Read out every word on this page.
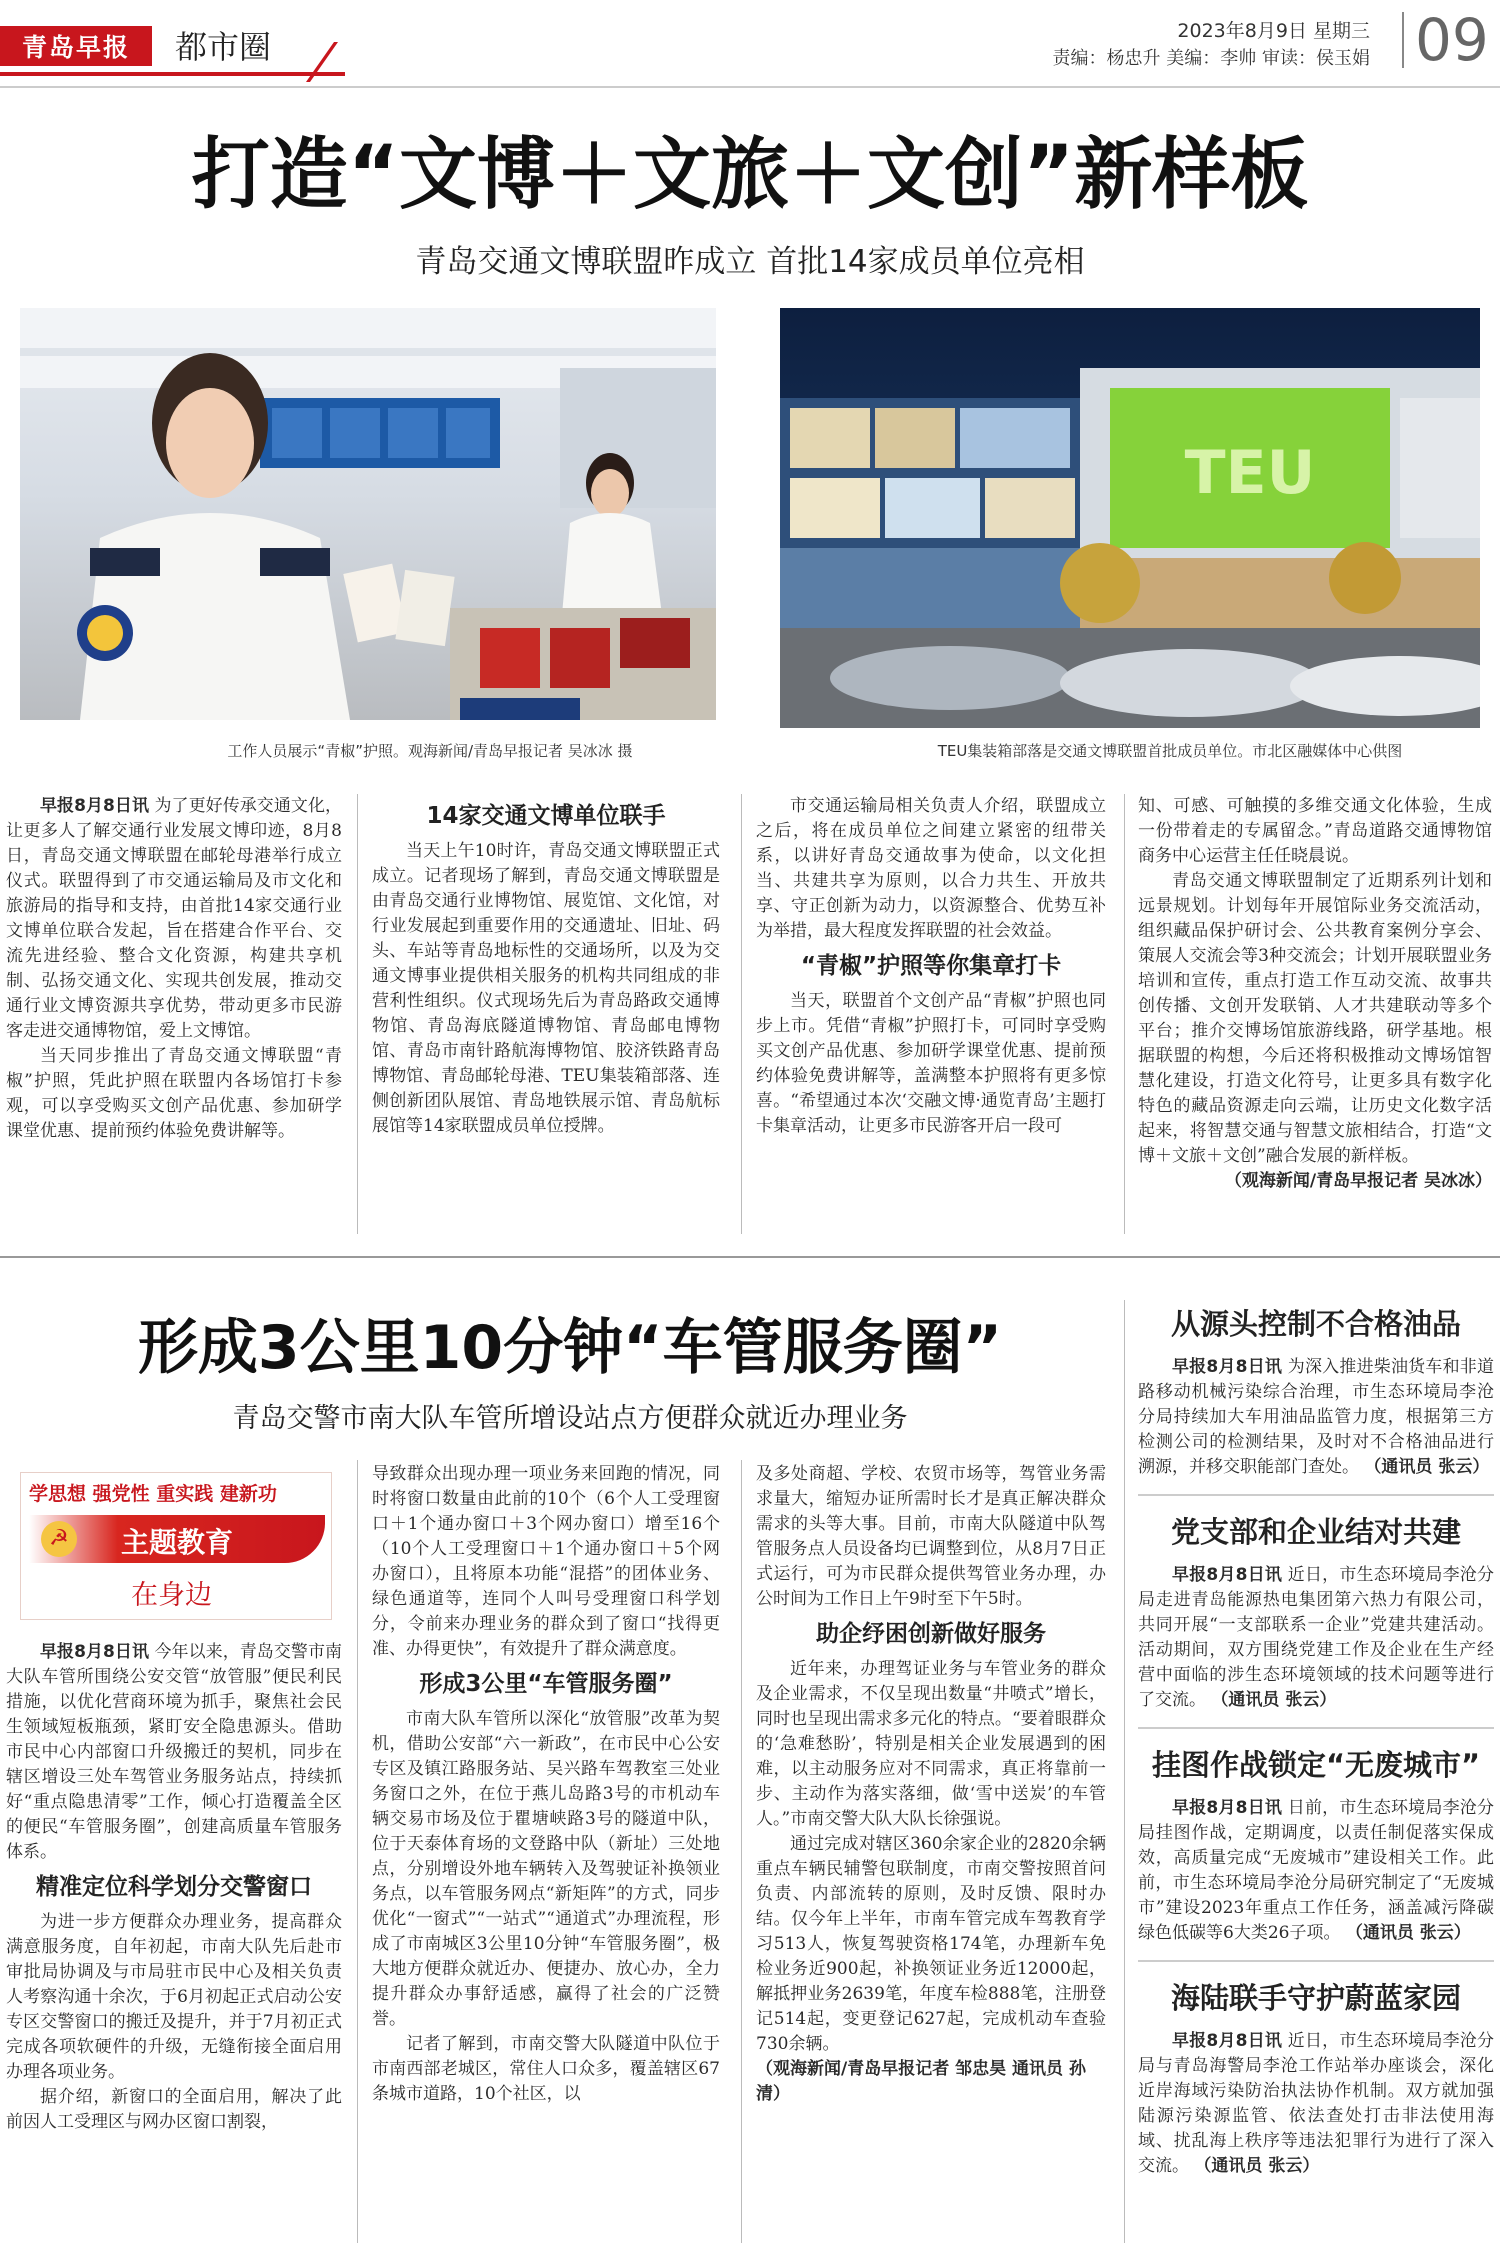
青岛早报	都市圈	2023年8月9日 星期三
责编：杨忠升 美编：李帅 审读：侯玉娟 09
打造“文博＋文旅＋文创”新样板
青岛交通文博联盟昨成立 首批14家成员单位亮相
工作人员展示“青椒”护照。观海新闻/青岛早报记者 吴冰冰 摄
TEU
TEU集装箱部落是交通文博联盟首批成员单位。市北区融媒体中心供图

早报8月8日讯 为了更好传承交通文化，让更多人了解交通行业发展文博印迹，8月8日，青岛交通文博联盟在邮轮母港举行成立仪式。联盟得到了市交通运输局及市文化和旅游局的指导和支持，由首批14家交通行业文博单位联合发起，旨在搭建合作平台、交流先进经验、整合文化资源，构建共享机制、弘扬交通文化、实现共创发展，推动交通行业文博资源共享优势，带动更多市民游客走进交通博物馆，爱上文博馆。

当天同步推出了青岛交通文博联盟“青椒”护照，凭此护照在联盟内各场馆打卡参观，可以享受购买文创产品优惠、参加研学课堂优惠、提前预约体验免费讲解等。

14家交通文博单位联手

当天上午10时许，青岛交通文博联盟正式成立。记者现场了解到，青岛交通文博联盟是由青岛交通行业博物馆、展览馆、文化馆，对行业发展起到重要作用的交通遗址、旧址、码头、车站等青岛地标性的交通场所，以及为交通文博事业提供相关服务的机构共同组成的非营利性组织。仪式现场先后为青岛路政交通博物馆、青岛海底隧道博物馆、青岛邮电博物馆、青岛市南针路航海博物馆、胶济铁路青岛博物馆、青岛邮轮母港、TEU集装箱部落、连侧创新团队展馆、青岛地铁展示馆、青岛航标展馆等14家联盟成员单位授牌。

市交通运输局相关负责人介绍，联盟成立之后，将在成员单位之间建立紧密的纽带关系，以讲好青岛交通故事为使命，以文化担当、共建共享为原则，以合力共生、开放共享、守正创新为动力，以资源整合、优势互补为举措，最大程度发挥联盟的社会效益。

“青椒”护照等你集章打卡

当天，联盟首个文创产品“青椒”护照也同步上市。凭借“青椒”护照打卡，可同时享受购买文创产品优惠、参加研学课堂优惠、提前预约体验免费讲解等，盖满整本护照将有更多惊喜。“希望通过本次‘交融文博·通览青岛’主题打卡集章活动，让更多市民游客开启一段可

知、可感、可触摸的多维交通文化体验，生成一份带着走的专属留念。”青岛道路交通博物馆商务中心运营主任任晓晨说。

青岛交通文博联盟制定了近期系列计划和远景规划。计划每年开展馆际业务交流活动，组织藏品保护研讨会、公共教育案例分享会、策展人交流会等3种交流会；计划开展联盟业务培训和宣传，重点打造工作互动交流、故事共创传播、文创开发联销、人才共建联动等多个平台；推介交博场馆旅游线路，研学基地。根据联盟的构想，今后还将积极推动文博场馆智慧化建设，打造文化符号，让更多具有数字化特色的藏品资源走向云端，让历史文化数字活起来，将智慧交通与智慧文旅相结合，打造“文博＋文旅＋文创”融合发展的新样板。

（观海新闻/青岛早报记者 吴冰冰）

形成3公里10分钟“车管服务圈”
青岛交警市南大队车管所增设站点方便群众就近办理业务
学思想 强党性 重实践 建新功
☭ 主题教育
在身边

早报8月8日讯 今年以来，青岛交警市南大队车管所围绕公安交管“放管服”便民利民措施，以优化营商环境为抓手，聚焦社会民生领域短板瓶颈，紧盯安全隐患源头。借助市民中心内部窗口升级搬迁的契机，同步在辖区增设三处车驾管业务服务站点，持续抓好“重点隐患清零”工作，倾心打造覆盖全区的便民“车管服务圈”，创建高质量车管服务体系。

精准定位科学划分交警窗口

为进一步方便群众办理业务，提高群众满意服务度，自年初起，市南大队先后赴市审批局协调及与市局驻市民中心及相关负责人考察沟通十余次，于6月初起正式启动公安专区交警窗口的搬迁及提升，并于7月初正式完成各项软硬件的升级，无缝衔接全面启用办理各项业务。

据介绍，新窗口的全面启用，解决了此前因人工受理区与网办区窗口割裂，

导致群众出现办理一项业务来回跑的情况，同时将窗口数量由此前的10个（6个人工受理窗口＋1个通办窗口＋3个网办窗口）增至16个（10个人工受理窗口＋1个通办窗口＋5个网办窗口），且将原本功能“混搭”的团体业务、绿色通道等，连同个人叫号受理窗口科学划分，令前来办理业务的群众到了窗口“找得更准、办得更快”，有效提升了群众满意度。

形成3公里“车管服务圈”

市南大队车管所以深化“放管服”改革为契机，借助公安部“六一新政”，在市民中心公安专区及镇江路服务站、吴兴路车驾教室三处业务窗口之外，在位于燕儿岛路3号的市机动车辆交易市场及位于瞿塘峡路3号的隧道中队，位于天泰体育场的文登路中队（新址）三处地点，分别增设外地车辆转入及驾驶证补换领业务点，以车管服务网点“新矩阵”的方式，同步优化“一窗式”“一站式”“通道式”办理流程，形成了市南城区3公里10分钟“车管服务圈”，极大地方便群众就近办、便捷办、放心办，全力提升群众办事舒适感，赢得了社会的广泛赞誉。

记者了解到，市南交警大队隧道中队位于市南西部老城区，常住人口众多，覆盖辖区67条城市道路，10个社区，以

及多处商超、学校、农贸市场等，驾管业务需求量大，缩短办证所需时长才是真正解决群众需求的头等大事。目前，市南大队隧道中队驾管服务点人员设备均已调整到位，从8月7日正式运行，可为市民群众提供驾管业务办理，办公时间为工作日上午9时至下午5时。

助企纾困创新做好服务

近年来，办理驾证业务与车管业务的群众及企业需求，不仅呈现出数量“井喷式”增长，同时也呈现出需求多元化的特点。“要着眼群众的‘急难愁盼’，特别是相关企业发展遇到的困难，以主动服务应对不同需求，真正将靠前一步、主动作为落实落细，做‘雪中送炭’的车管人。”市南交警大队大队长徐强说。

通过完成对辖区360余家企业的2820余辆重点车辆民辅警包联制度，市南交警按照首问负责、内部流转的原则，及时反馈、限时办结。仅今年上半年，市南车管完成车驾教育学习513人，恢复驾驶资格174笔，办理新车免检业务近900起，补换领证业务近12000起，解抵押业务2639笔，年度车检888笔，注册登记514起，变更登记627起，完成机动车查验730余辆。

（观海新闻/青岛早报记者 邹忠昊 通讯员 孙清）

从源头控制不合格油品

早报8月8日讯 为深入推进柴油货车和非道路移动机械污染综合治理，市生态环境局李沧分局持续加大车用油品监管力度，根据第三方检测公司的检测结果，及时对不合格油品进行溯源，并移交职能部门查处。 （通讯员 张云）

党支部和企业结对共建

早报8月8日讯 近日，市生态环境局李沧分局走进青岛能源热电集团第六热力有限公司，共同开展“一支部联系一企业”党建共建活动。活动期间，双方围绕党建工作及企业在生产经营中面临的涉生态环境领域的技术问题等进行了交流。 （通讯员 张云）

挂图作战锁定“无废城市”

早报8月8日讯 日前，市生态环境局李沧分局挂图作战，定期调度，以责任制促落实保成效，高质量完成“无废城市”建设相关工作。此前，市生态环境局李沧分局研究制定了“无废城市”建设2023年重点工作任务，涵盖减污降碳绿色低碳等6大类26子项。 （通讯员 张云）

海陆联手守护蔚蓝家园

早报8月8日讯 近日，市生态环境局李沧分局与青岛海警局李沧工作站举办座谈会，深化近岸海域污染防治执法协作机制。双方就加强陆源污染源监管、依法查处打击非法使用海域、扰乱海上秩序等违法犯罪行为进行了深入交流。 （通讯员 张云）
